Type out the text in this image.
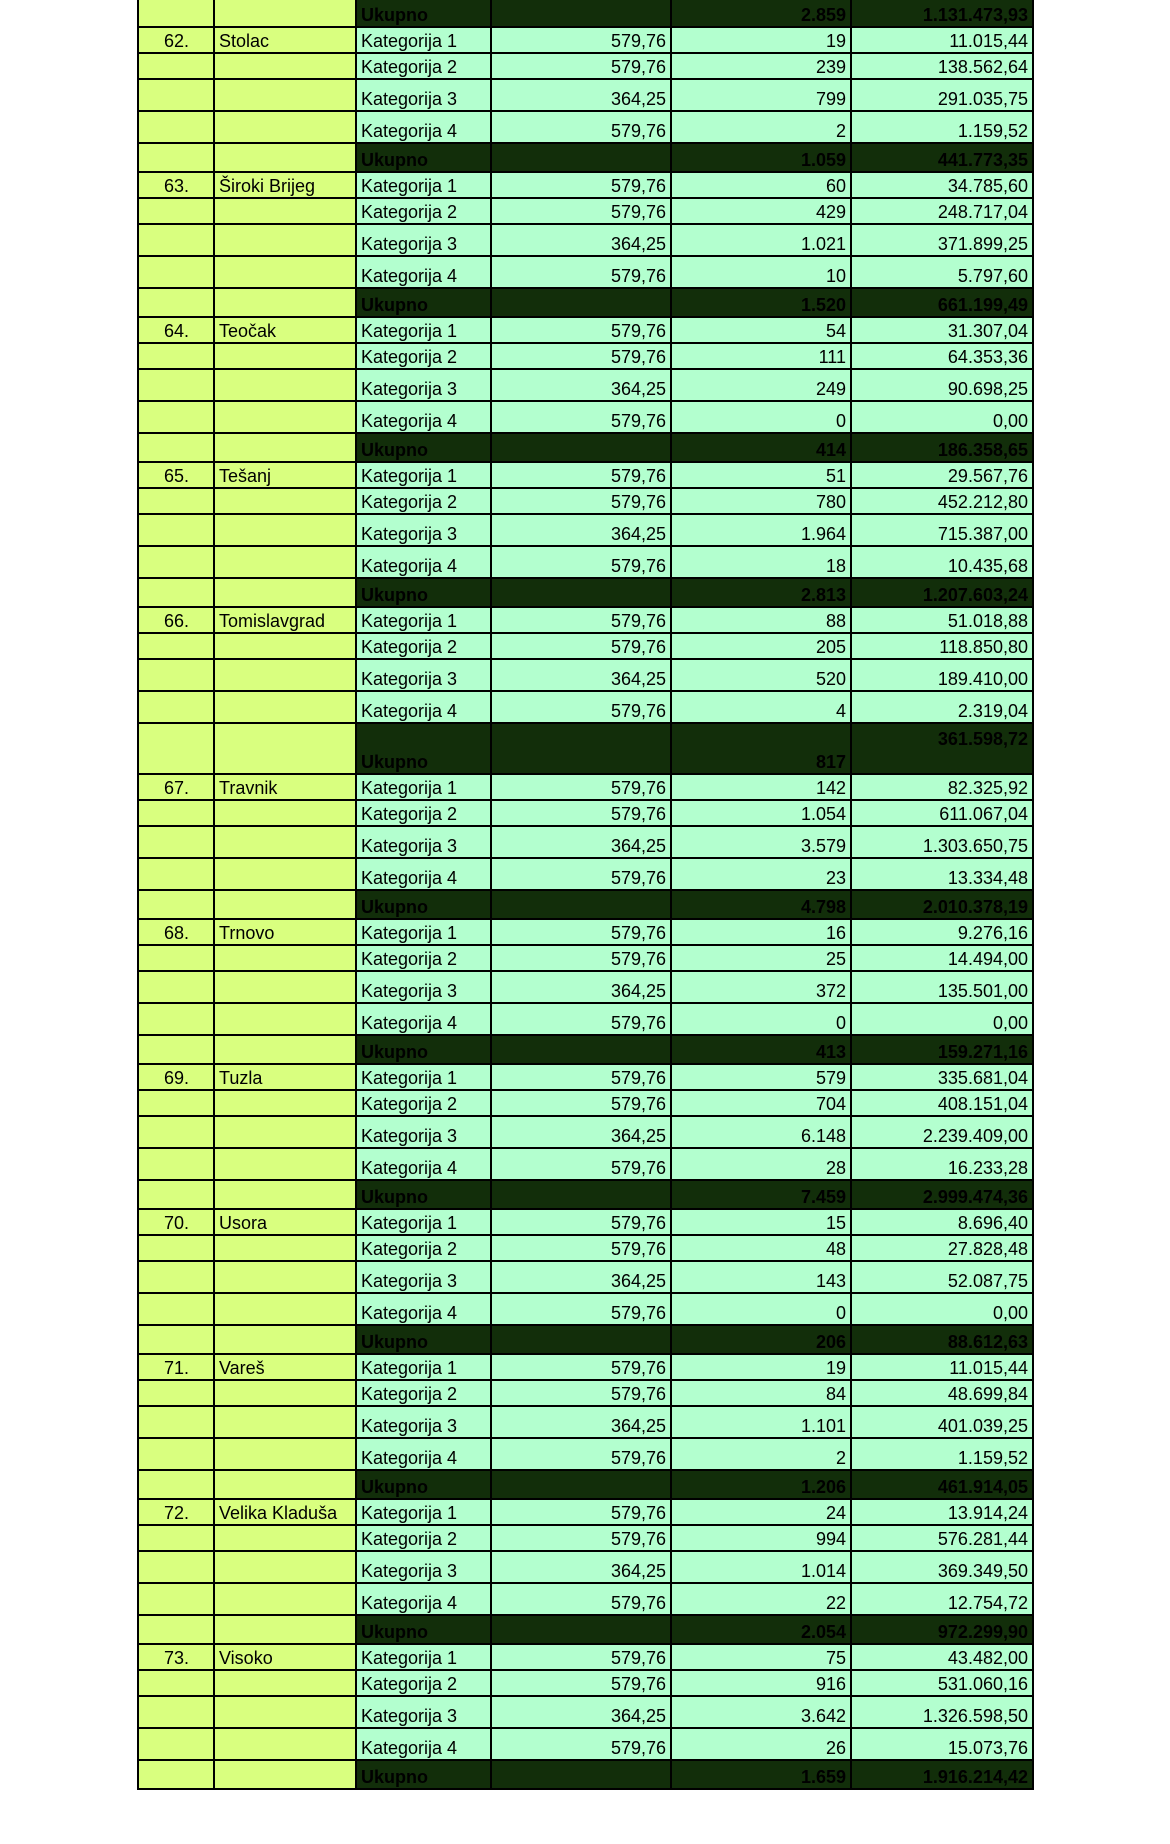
		Ukupno		2.859	1.131.473,93
62.	Stolac	Kategorija 1	579,76	19	11.015,44
		Kategorija 2	579,76	239	138.562,64
		Kategorija 3	364,25	799	291.035,75
		Kategorija 4	579,76	2	1.159,52
		Ukupno		1.059	441.773,35
63.	Široki Brijeg	Kategorija 1	579,76	60	34.785,60
		Kategorija 2	579,76	429	248.717,04
		Kategorija 3	364,25	1.021	371.899,25
		Kategorija 4	579,76	10	5.797,60
		Ukupno		1.520	661.199,49
64.	Teočak	Kategorija 1	579,76	54	31.307,04
		Kategorija 2	579,76	111	64.353,36
		Kategorija 3	364,25	249	90.698,25
		Kategorija 4	579,76	0	0,00
		Ukupno		414	186.358,65
65.	Tešanj	Kategorija 1	579,76	51	29.567,76
		Kategorija 2	579,76	780	452.212,80
		Kategorija 3	364,25	1.964	715.387,00
		Kategorija 4	579,76	18	10.435,68
		Ukupno		2.813	1.207.603,24
66.	Tomislavgrad	Kategorija 1	579,76	88	51.018,88
		Kategorija 2	579,76	205	118.850,80
		Kategorija 3	364,25	520	189.410,00
		Kategorija 4	579,76	4	2.319,04
		Ukupno		817	361.598,72
67.	Travnik	Kategorija 1	579,76	142	82.325,92
		Kategorija 2	579,76	1.054	611.067,04
		Kategorija 3	364,25	3.579	1.303.650,75
		Kategorija 4	579,76	23	13.334,48
		Ukupno		4.798	2.010.378,19
68.	Trnovo	Kategorija 1	579,76	16	9.276,16
		Kategorija 2	579,76	25	14.494,00
		Kategorija 3	364,25	372	135.501,00
		Kategorija 4	579,76	0	0,00
		Ukupno		413	159.271,16
69.	Tuzla	Kategorija 1	579,76	579	335.681,04
		Kategorija 2	579,76	704	408.151,04
		Kategorija 3	364,25	6.148	2.239.409,00
		Kategorija 4	579,76	28	16.233,28
		Ukupno		7.459	2.999.474,36
70.	Usora	Kategorija 1	579,76	15	8.696,40
		Kategorija 2	579,76	48	27.828,48
		Kategorija 3	364,25	143	52.087,75
		Kategorija 4	579,76	0	0,00
		Ukupno		206	88.612,63
71.	Vareš	Kategorija 1	579,76	19	11.015,44
		Kategorija 2	579,76	84	48.699,84
		Kategorija 3	364,25	1.101	401.039,25
		Kategorija 4	579,76	2	1.159,52
		Ukupno		1.206	461.914,05
72.	Velika Kladuša	Kategorija 1	579,76	24	13.914,24
		Kategorija 2	579,76	994	576.281,44
		Kategorija 3	364,25	1.014	369.349,50
		Kategorija 4	579,76	22	12.754,72
		Ukupno		2.054	972.299,90
73.	Visoko	Kategorija 1	579,76	75	43.482,00
		Kategorija 2	579,76	916	531.060,16
		Kategorija 3	364,25	3.642	1.326.598,50
		Kategorija 4	579,76	26	15.073,76
		Ukupno		1.659	1.916.214,42
